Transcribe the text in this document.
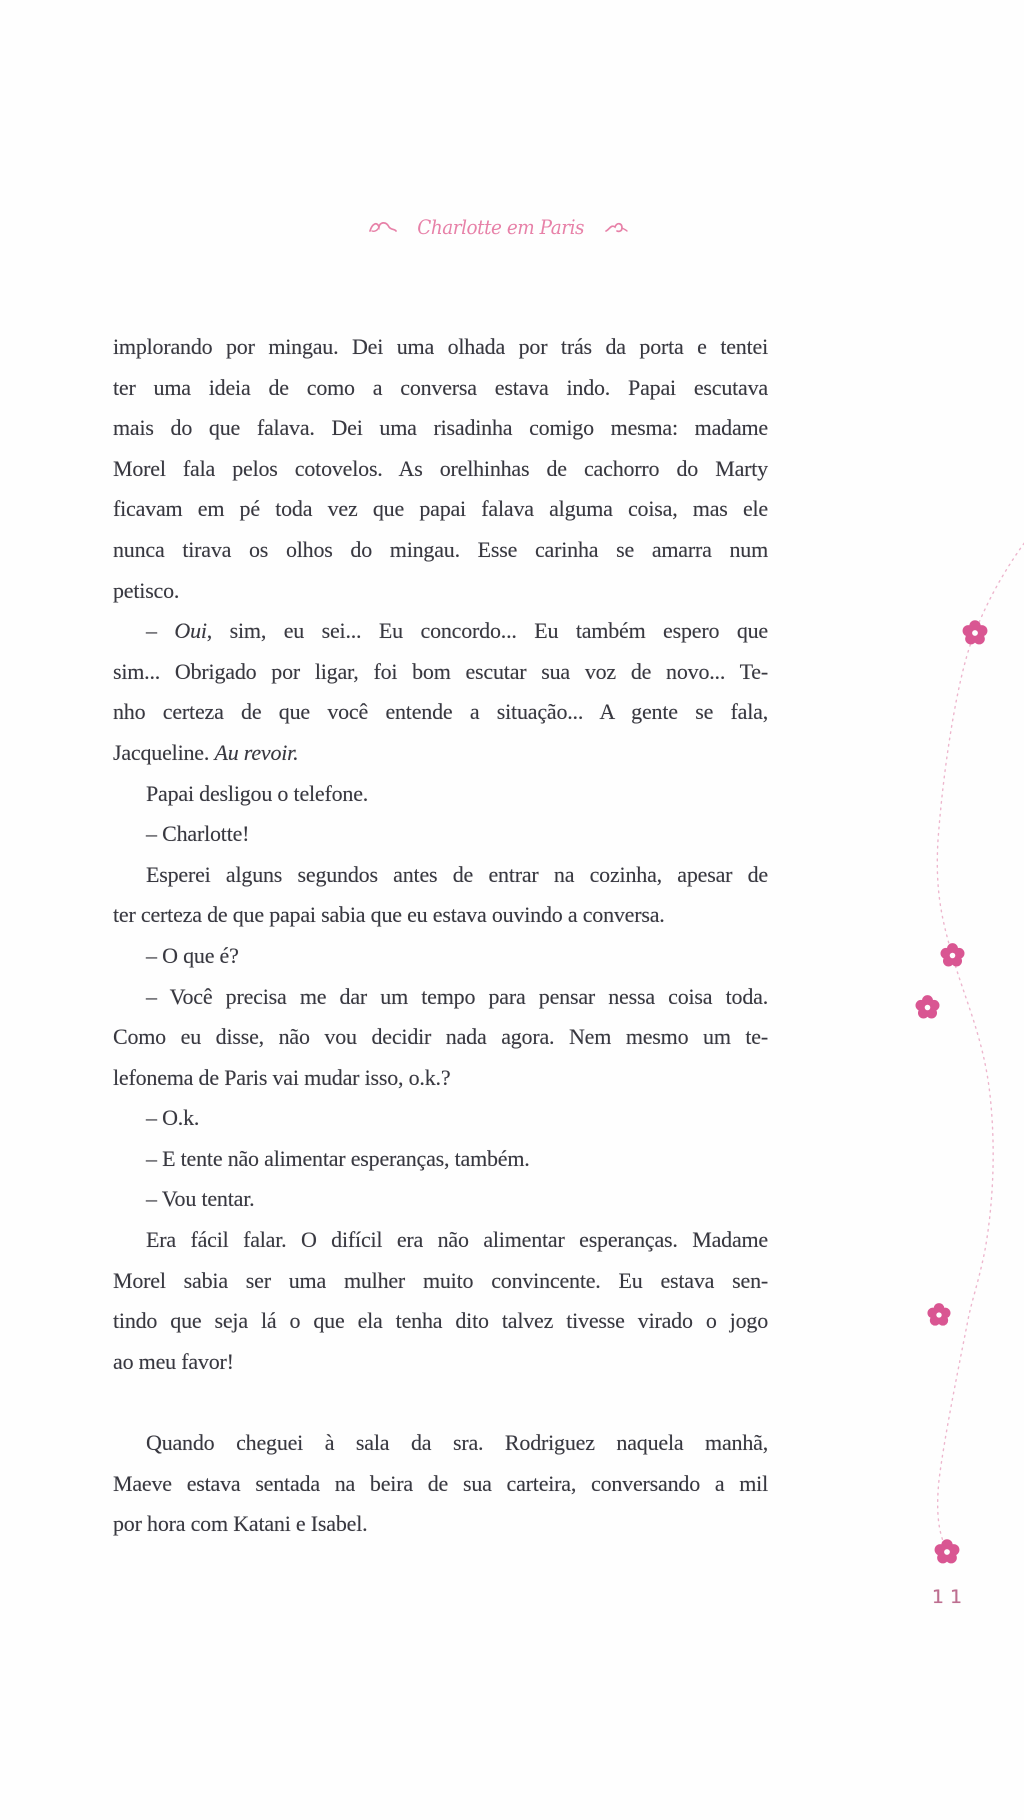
Charlotte em Paris
implorando por mingau. Dei uma olhada por trás da porta e tentei
ter uma ideia de como a conversa estava indo. Papai escutava
mais do que falava. Dei uma risadinha comigo mesma: madame
Morel fala pelos cotovelos. As orelhinhas de cachorro do Marty
ficavam em pé toda vez que papai falava alguma coisa, mas ele
nunca tirava os olhos do mingau. Esse carinha se amarra num
petisco.
– Oui, sim, eu sei... Eu concordo... Eu também espero que
sim... Obrigado por ligar, foi bom escutar sua voz de novo... Te-
nho certeza de que você entende a situação... A gente se fala,
Jacqueline. Au revoir.
Papai desligou o telefone.
– Charlotte!
Esperei alguns segundos antes de entrar na cozinha, apesar de
ter certeza de que papai sabia que eu estava ouvindo a conversa.
– O que é?
– Você precisa me dar um tempo para pensar nessa coisa toda.
Como eu disse, não vou decidir nada agora. Nem mesmo um te-
lefonema de Paris vai mudar isso, o.k.?
– O.k.
– E tente não alimentar esperanças, também.
– Vou tentar.
Era fácil falar. O difícil era não alimentar esperanças. Madame
Morel sabia ser uma mulher muito convincente. Eu estava sen-
tindo que seja lá o que ela tenha dito talvez tivesse virado o jogo
ao meu favor!
Quando cheguei à sala da sra. Rodriguez naquela manhã,
Maeve estava sentada na beira de sua carteira, conversando a mil
por hora com Katani e Isabel.
11
